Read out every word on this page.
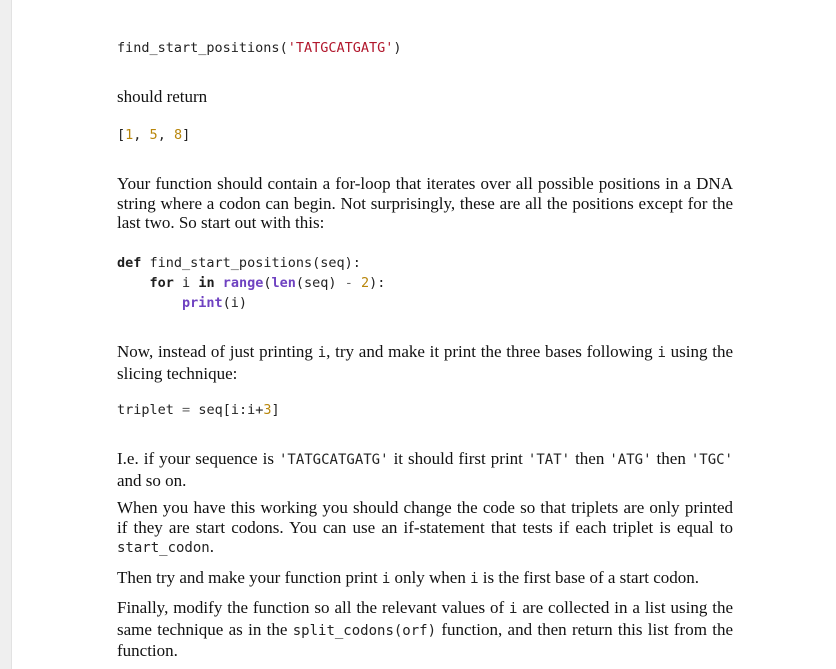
find_start_positions('TATGCATGATG')

should return

[1, 5, 8]

Your function should contain a for-loop that iterates over all possible positions in a DNA string where a codon can begin. Not surprisingly, these are all the positions except for the last two. So start out with this:

def find_start_positions(seq):
for i in range(len(seq) - 2):
print(i)

Now, instead of just printing i, try and make it print the three bases following i using the slicing technique:

triplet = seq[i:i+3]

I.e. if your sequence is 'TATGCATGATG' it should first print 'TAT' then 'ATG' then 'TGC' and so on.

When you have this working you should change the code so that triplets are only printed if they are start codons. You can use an if-statement that tests if each triplet is equal to start_codon.

Then try and make your function print i only when i is the first base of a start codon.

Finally, modify the function so all the relevant values of i are collected in a list using the same technique as in the split_codons(orf) function, and then return this list from the function.
